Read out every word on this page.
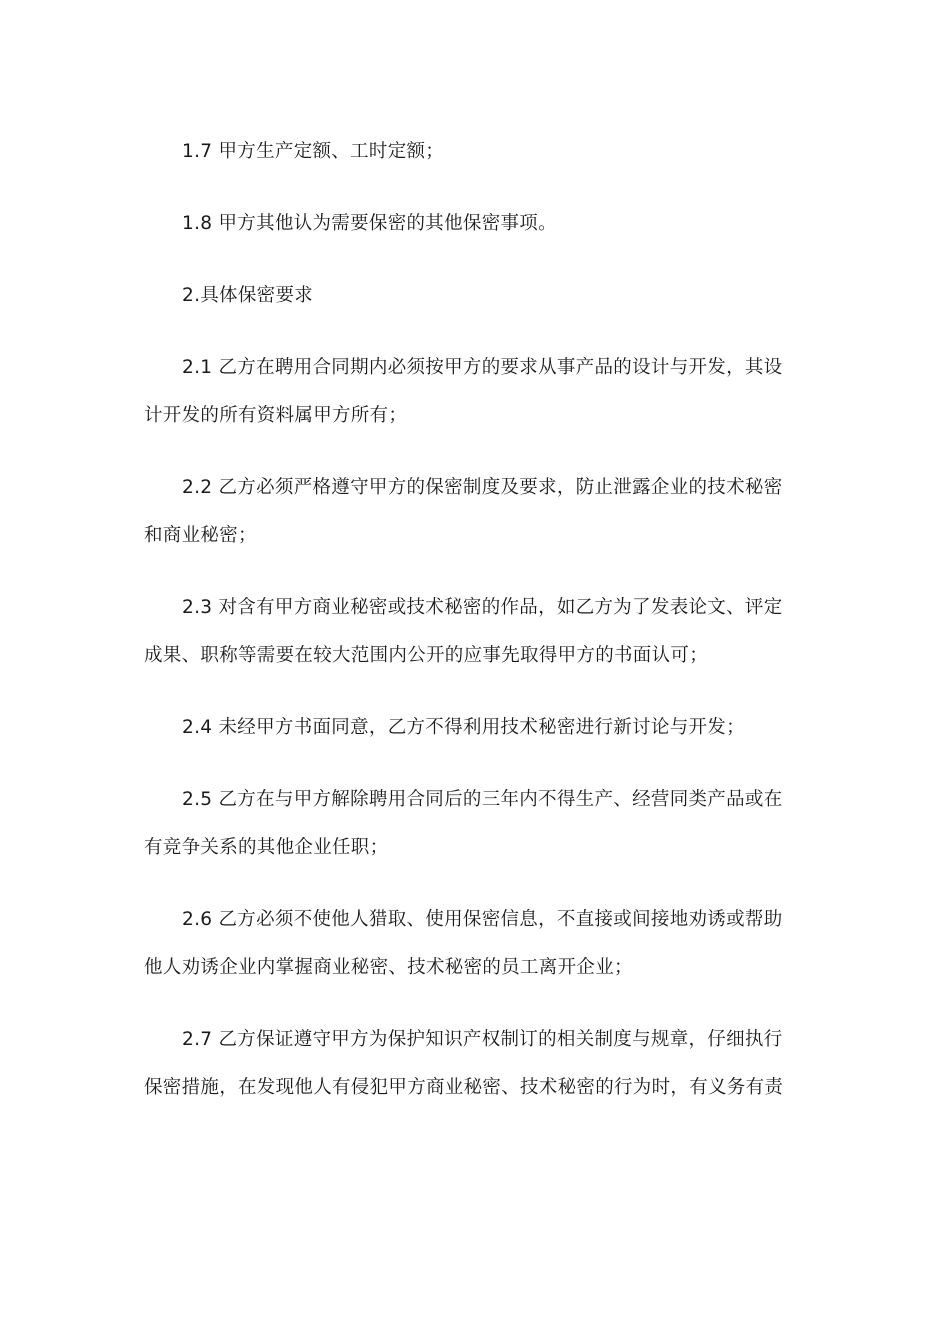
1.7 甲方生产定额、工时定额；

1.8 甲方其他认为需要保密的其他保密事项。

2.具体保密要求

2.1 乙方在聘用合同期内必须按甲方的要求从事产品的设计与开发，其设计开发的所有资料属甲方所有；

2.2 乙方必须严格遵守甲方的保密制度及要求，防止泄露企业的技术秘密和商业秘密；

2.3 对含有甲方商业秘密或技术秘密的作品，如乙方为了发表论文、评定成果、职称等需要在较大范围内公开的应事先取得甲方的书面认可；

2.4 未经甲方书面同意，乙方不得利用技术秘密进行新讨论与开发；

2.5 乙方在与甲方解除聘用合同后的三年内不得生产、经营同类产品或在有竞争关系的其他企业任职；

2.6 乙方必须不使他人猎取、使用保密信息，不直接或间接地劝诱或帮助他人劝诱企业内掌握商业秘密、技术秘密的员工离开企业；

2.7 乙方保证遵守甲方为保护知识产权制订的相关制度与规章，仔细执行保密措施，在发现他人有侵犯甲方商业秘密、技术秘密的行为时，有义务有责
